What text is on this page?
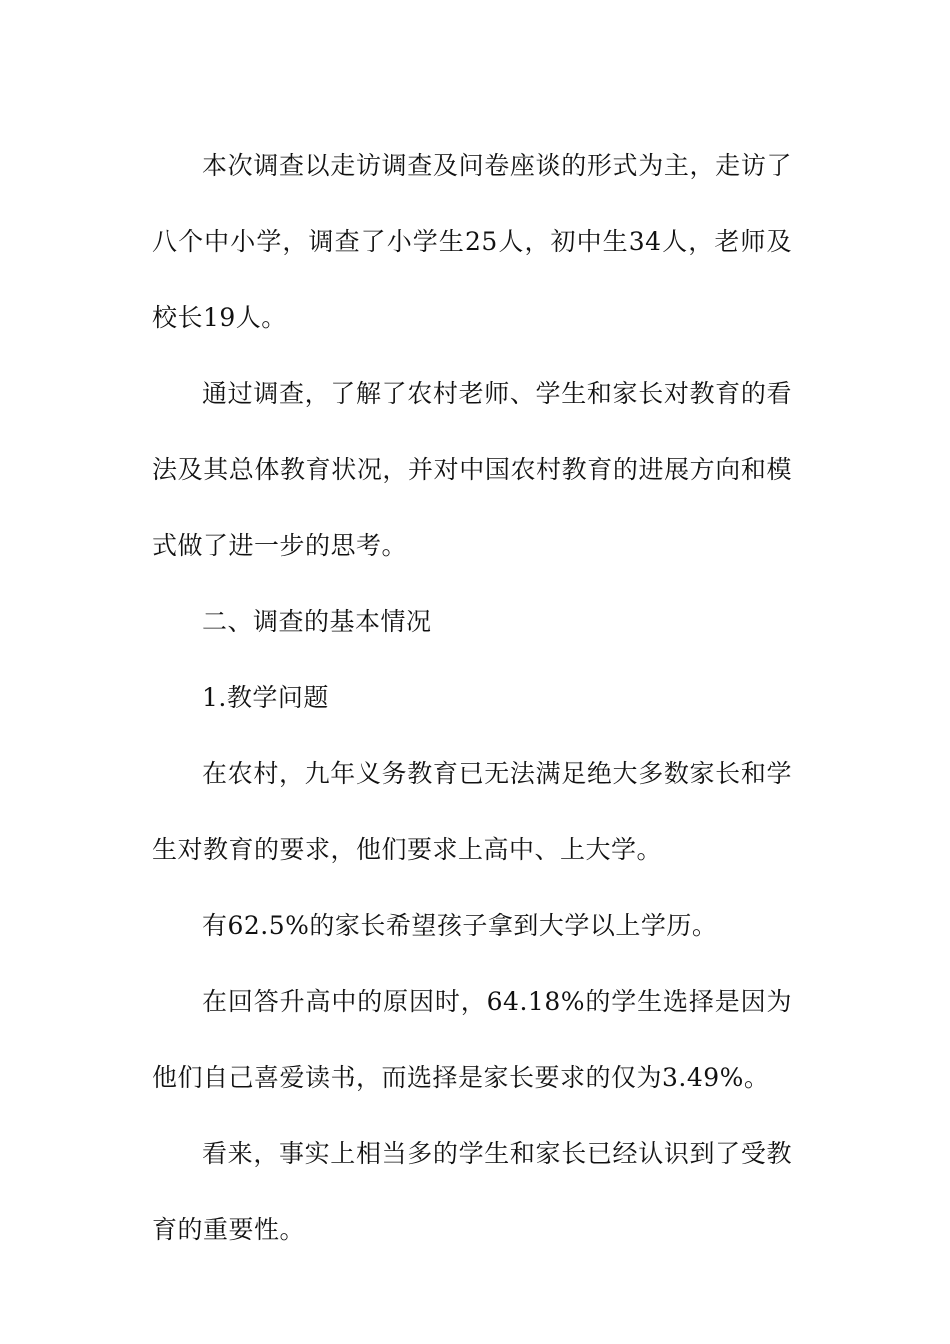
本次调查以走访调查及问卷座谈的形式为主，走访了八个中小学，调查了小学生25人，初中生34人，老师及校长19人。

通过调查，了解了农村老师、学生和家长对教育的看法及其总体教育状况，并对中国农村教育的进展方向和模式做了进一步的思考。

二、调查的基本情况

1.教学问题

在农村，九年义务教育已无法满足绝大多数家长和学生对教育的要求，他们要求上高中、上大学。

有62.5%的家长希望孩子拿到大学以上学历。

在回答升高中的原因时，64.18%的学生选择是因为他们自己喜爱读书，而选择是家长要求的仅为3.49%。

看来，事实上相当多的学生和家长已经认识到了受教育的重要性。
